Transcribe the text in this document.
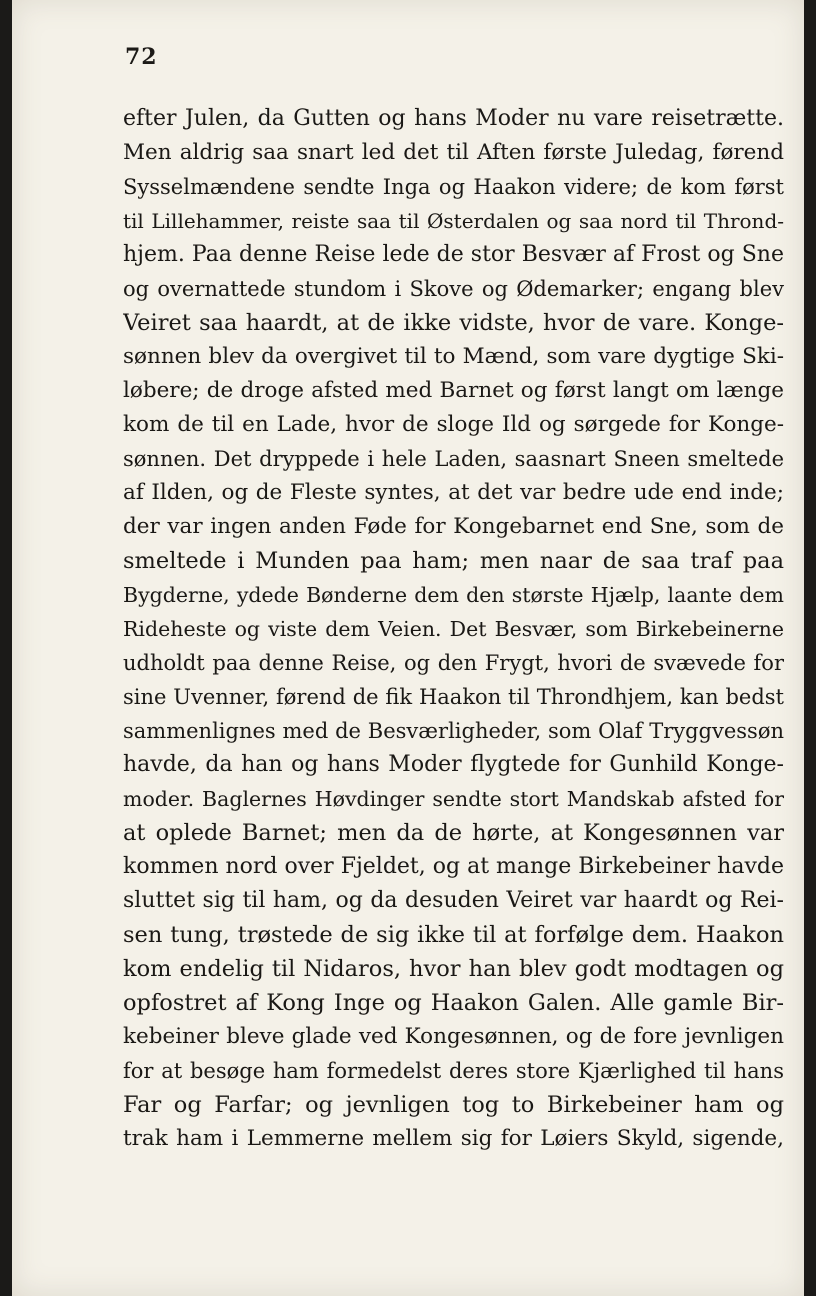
72
efter Julen, da Gutten og hans Moder nu vare reisetrætte.
Men aldrig saa snart led det til Aften første Juledag, førend
Sysselmændene sendte Inga og Haakon videre; de kom først
til Lillehammer, reiste saa til Østerdalen og saa nord til Thrond-
hjem. Paa denne Reise lede de stor Besvær af Frost og Sne
og overnattede stundom i Skove og Ødemarker; engang blev
Veiret saa haardt, at de ikke vidste, hvor de vare. Konge-
sønnen blev da overgivet til to Mænd, som vare dygtige Ski-
løbere; de droge afsted med Barnet og først langt om længe
kom de til en Lade, hvor de sloge Ild og sørgede for Konge-
sønnen. Det dryppede i hele Laden, saasnart Sneen smeltede
af Ilden, og de Fleste syntes, at det var bedre ude end inde;
der var ingen anden Føde for Kongebarnet end Sne, som de
smeltede i Munden paa ham; men naar de saa traf paa
Bygderne, ydede Bønderne dem den største Hjælp, laante dem
Rideheste og viste dem Veien. Det Besvær, som Birkebeinerne
udholdt paa denne Reise, og den Frygt, hvori de svævede for
sine Uvenner, førend de fik Haakon til Throndhjem, kan bedst
sammenlignes med de Besværligheder, som Olaf Tryggvessøn
havde, da han og hans Moder flygtede for Gunhild Konge-
moder. Baglernes Høvdinger sendte stort Mandskab afsted for
at oplede Barnet; men da de hørte, at Kongesønnen var
kommen nord over Fjeldet, og at mange Birkebeiner havde
sluttet sig til ham, og da desuden Veiret var haardt og Rei-
sen tung, trøstede de sig ikke til at forfølge dem. Haakon
kom endelig til Nidaros, hvor han blev godt modtagen og
opfostret af Kong Inge og Haakon Galen. Alle gamle Bir-
kebeiner bleve glade ved Kongesønnen, og de fore jevnligen
for at besøge ham formedelst deres store Kjærlighed til hans
Far og Farfar; og jevnligen tog to Birkebeiner ham og
trak ham i Lemmerne mellem sig for Løiers Skyld, sigende,
